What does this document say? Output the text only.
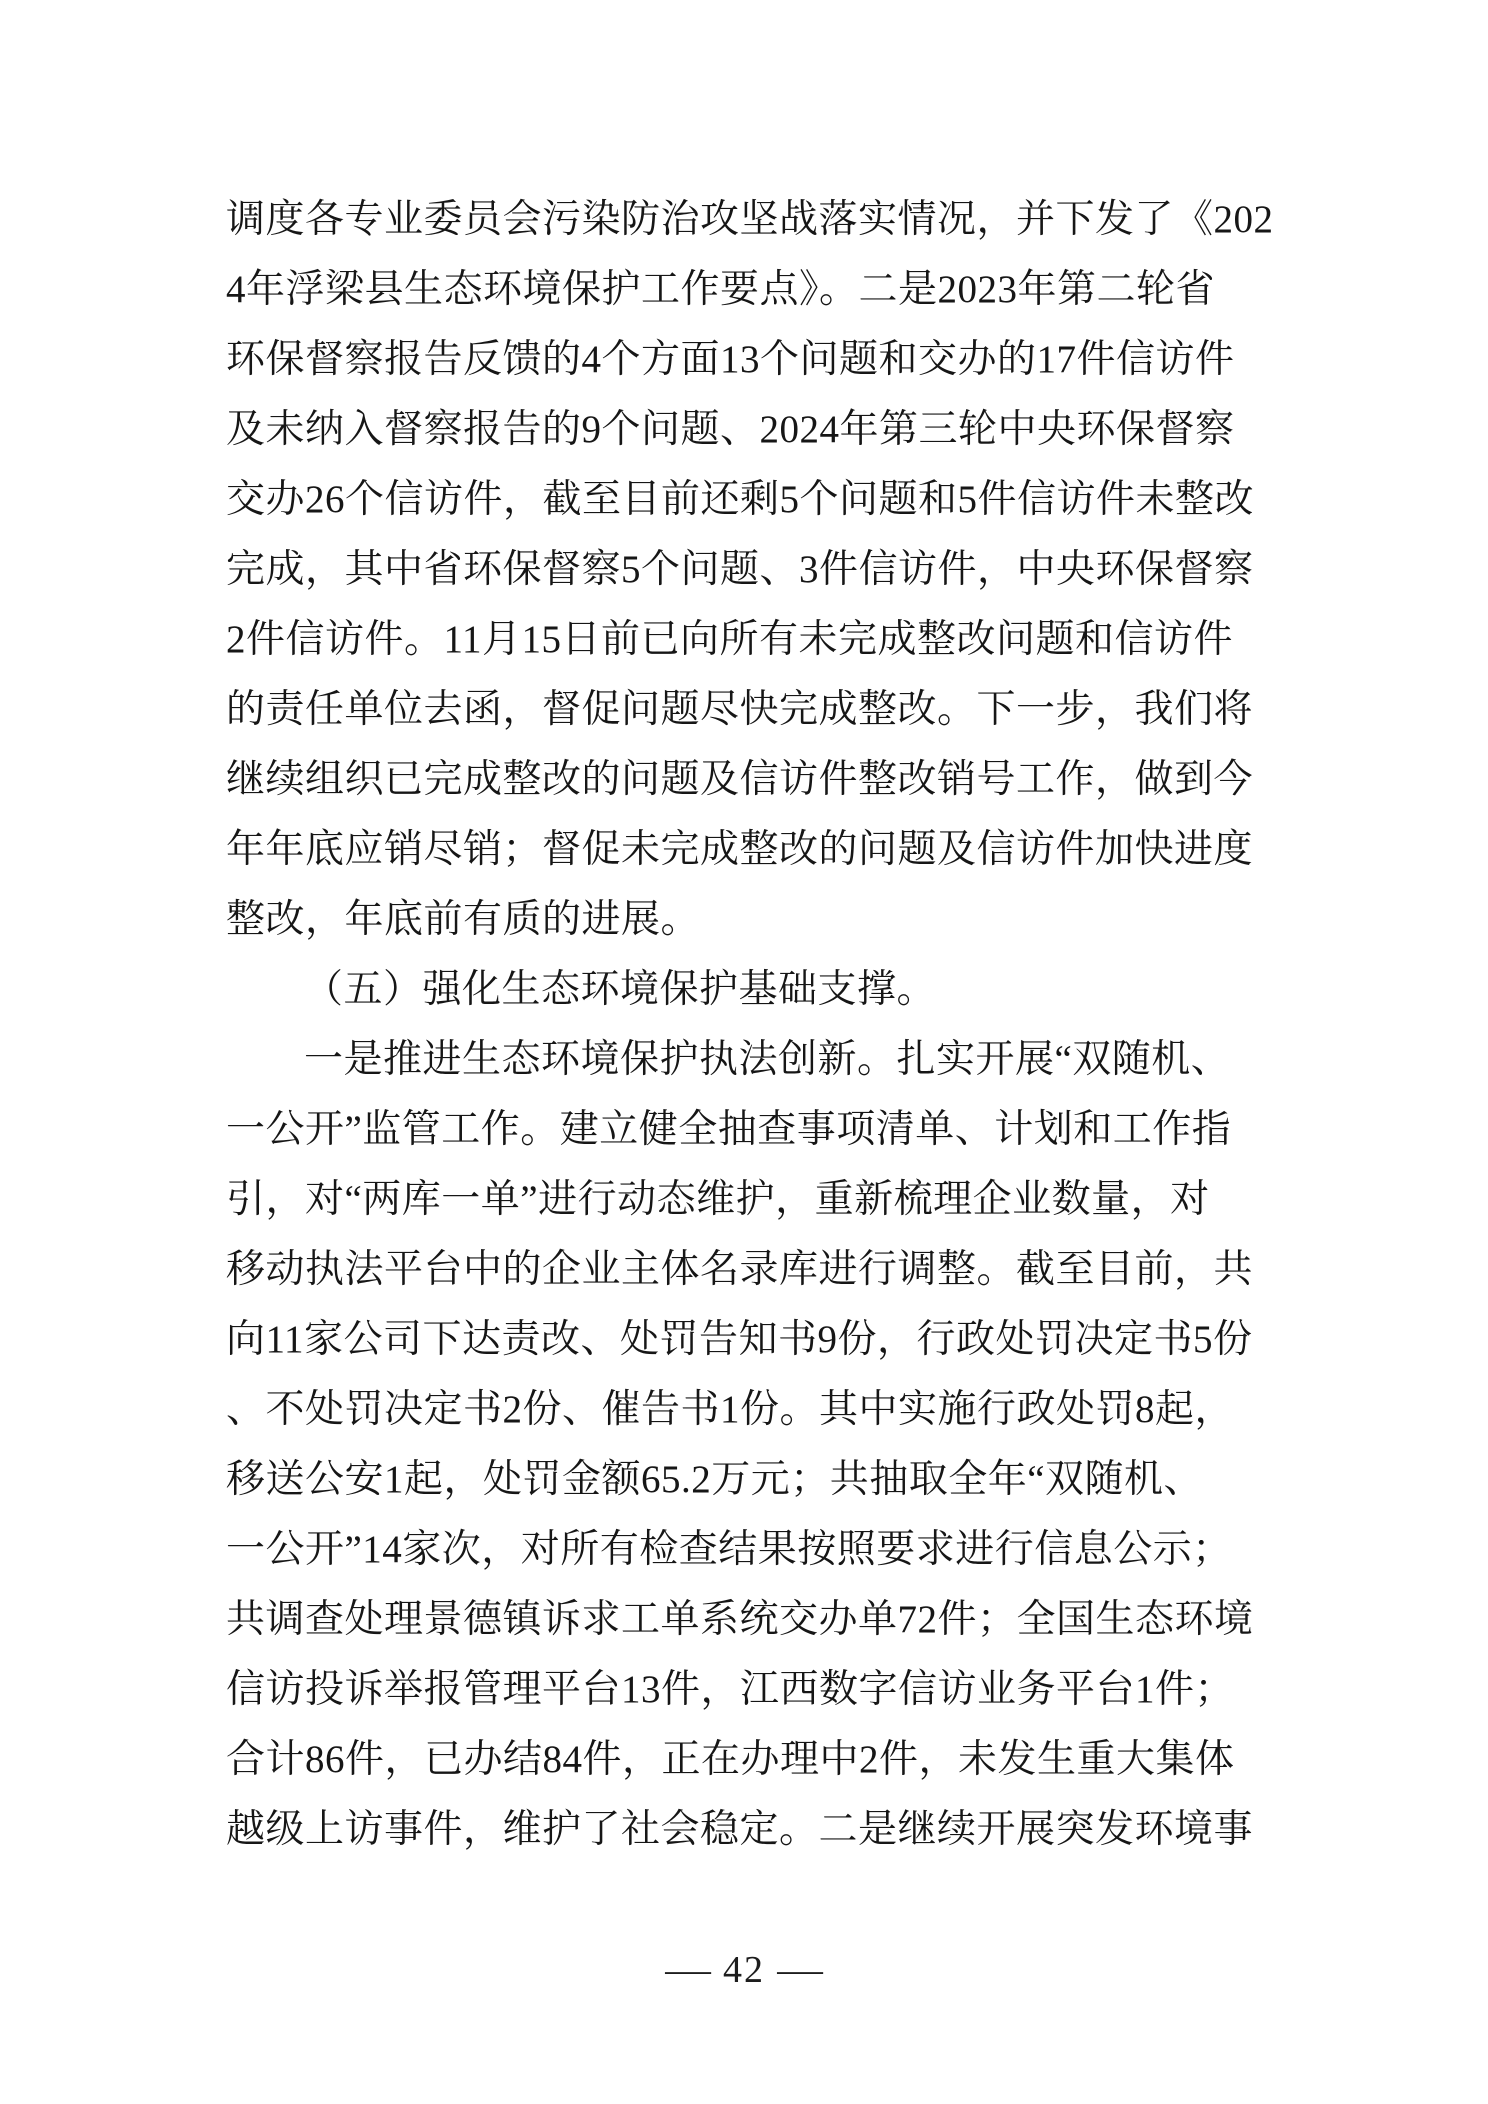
调度各专业委员会污染防治攻坚战落实情况，并下发了《202
4年浮梁县生态环境保护工作要点》。二是2023年第二轮省
环保督察报告反馈的4个方面13个问题和交办的17件信访件
及未纳入督察报告的9个问题、2024年第三轮中央环保督察
交办26个信访件，截至目前还剩5个问题和5件信访件未整改
完成，其中省环保督察5个问题、3件信访件，中央环保督察
2件信访件。11月15日前已向所有未完成整改问题和信访件
的责任单位去函，督促问题尽快完成整改。下一步，我们将
继续组织已完成整改的问题及信访件整改销号工作，做到今
年年底应销尽销；督促未完成整改的问题及信访件加快进度
整改，年底前有质的进展。
（五）强化生态环境保护基础支撑。
一是推进生态环境保护执法创新。扎实开展“双随机、
一公开”监管工作。建立健全抽查事项清单、计划和工作指
引，对“两库一单”进行动态维护，重新梳理企业数量，对
移动执法平台中的企业主体名录库进行调整。截至目前，共
向11家公司下达责改、处罚告知书9份，行政处罚决定书5份
、不处罚决定书2份、催告书1份。其中实施行政处罚8起，
移送公安1起，处罚金额65.2万元；共抽取全年“双随机、
一公开”14家次，对所有检查结果按照要求进行信息公示；
共调查处理景德镇诉求工单系统交办单72件；全国生态环境
信访投诉举报管理平台13件，江西数字信访业务平台1件；
合计86件，已办结84件，正在办理中2件，未发生重大集体
越级上访事件，维护了社会稳定。二是继续开展突发环境事
— 42 —
